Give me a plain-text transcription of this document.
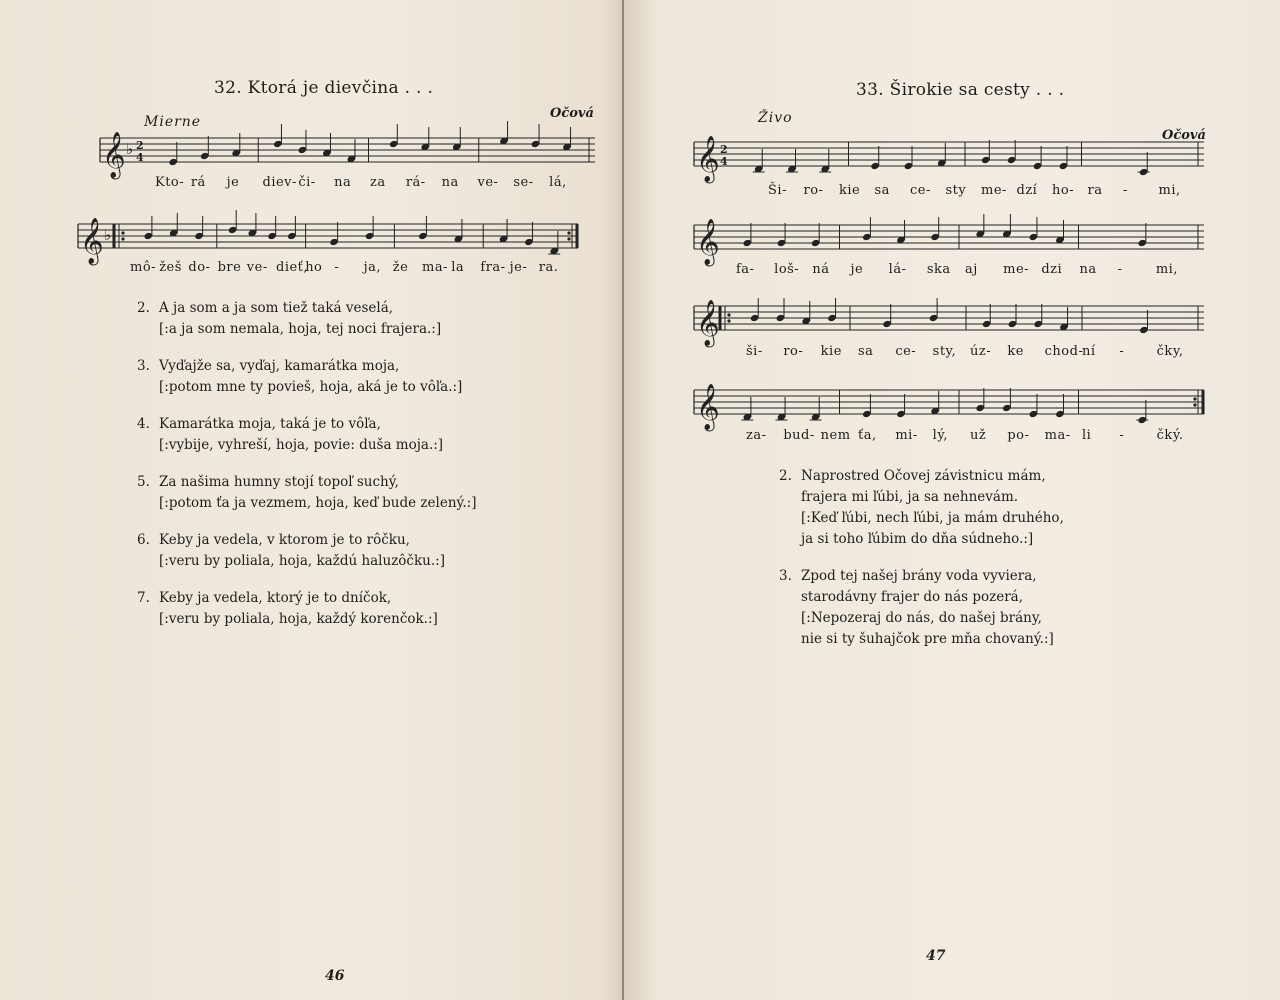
32. Ktorá je dievčina . . .
Mierne
Očová
𝄞 ♭ 2
4
Kto- rá je diev- či- na za rá- na ve- se- lá,
𝄞 ♭
mô- žeš do- bre ve- dieť,
ho - ja, že ma- la fra- je- ra.
2. A ja som a ja som tiež taká veselá,
[:a ja som nemala, hoja, tej noci frajera.:]
3. Vyďajže sa, vyďaj, kamarátka moja,
[:potom mne ty povieš, hoja, aká je to vôľa.:]
4. Kamarátka moja, taká je to vôľa,
[:vybije, vyhreší, hoja, povie: duša moja.:]
5. Za našima humny stojí topoľ suchý,
[:potom ťa ja vezmem, hoja, keď bude zelený.:]
6. Keby ja vedela, v ktorom je to rôčku,
[:veru by poliala, hoja, každú haluzôčku.:]
7. Keby ja vedela, ktorý je to dníčok,
[:veru by poliala, hoja, každý korenčok.:]
46
33. Širokie sa cesty . . .
Živo
Očová
𝄞 2
4
Ši- ro- kie sa ce- sty me- dzí ho- ra - mi,
𝄞
fa- loš- ná je lá- ska aj me- dzi na -	mi,
𝄞
ši- ro- kie sa ce- sty, úz- ke chod-
ní - čky,
𝄞
za- bud- nem ťa, mi- lý, už po- ma- li - čký.
2. Naprostred Očovej závistnicu mám,
frajera mi ľúbi, ja sa nehnevám.
[:Keď ľúbi, nech ľúbi, ja mám druhého,
ja si toho ľúbim do dňa súdneho.:]
3. Zpod tej našej brány voda vyviera,
starodávny frajer do nás pozerá,
[:Nepozeraj do nás, do našej brány,
nie si ty šuhajčok pre mňa chovaný.:]
47
